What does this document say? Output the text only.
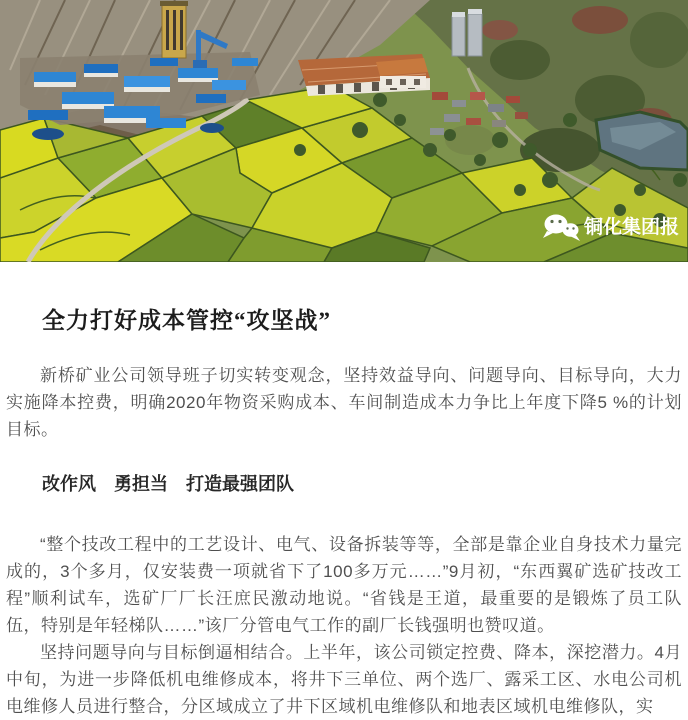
铜化集团报
全力打好成本管控“攻坚战”

新桥矿业公司领导班子切实转变观念，坚持效益导向、问题导向、目标导向，大力实施降本控费，明确2020年物资采购成本、车间制造成本力争比上年度下降5 %的计划目标。

改作风　勇担当　打造最强团队

“整个技改工程中的工艺设计、电气、设备拆装等等，全部是靠企业自身技术力量完成的，3个多月，仅安装费一项就省下了100多万元……”9月初，“东西翼矿选矿技改工程”顺利试车，选矿厂厂长汪庶民激动地说。“省钱是王道，最重要的是锻炼了员工队伍，特别是年轻梯队……”该厂分管电气工作的副厂长钱强明也赞叹道。

坚持问题导向与目标倒逼相结合。上半年，该公司锁定控费、降本，深挖潜力。4月中旬，为进一步降低机电维修成本，将井下三单位、两个选厂、露采工区、水电公司机电维修人员进行整合，分区域成立了井下区域机电维修队和地表区域机电维修队，实
